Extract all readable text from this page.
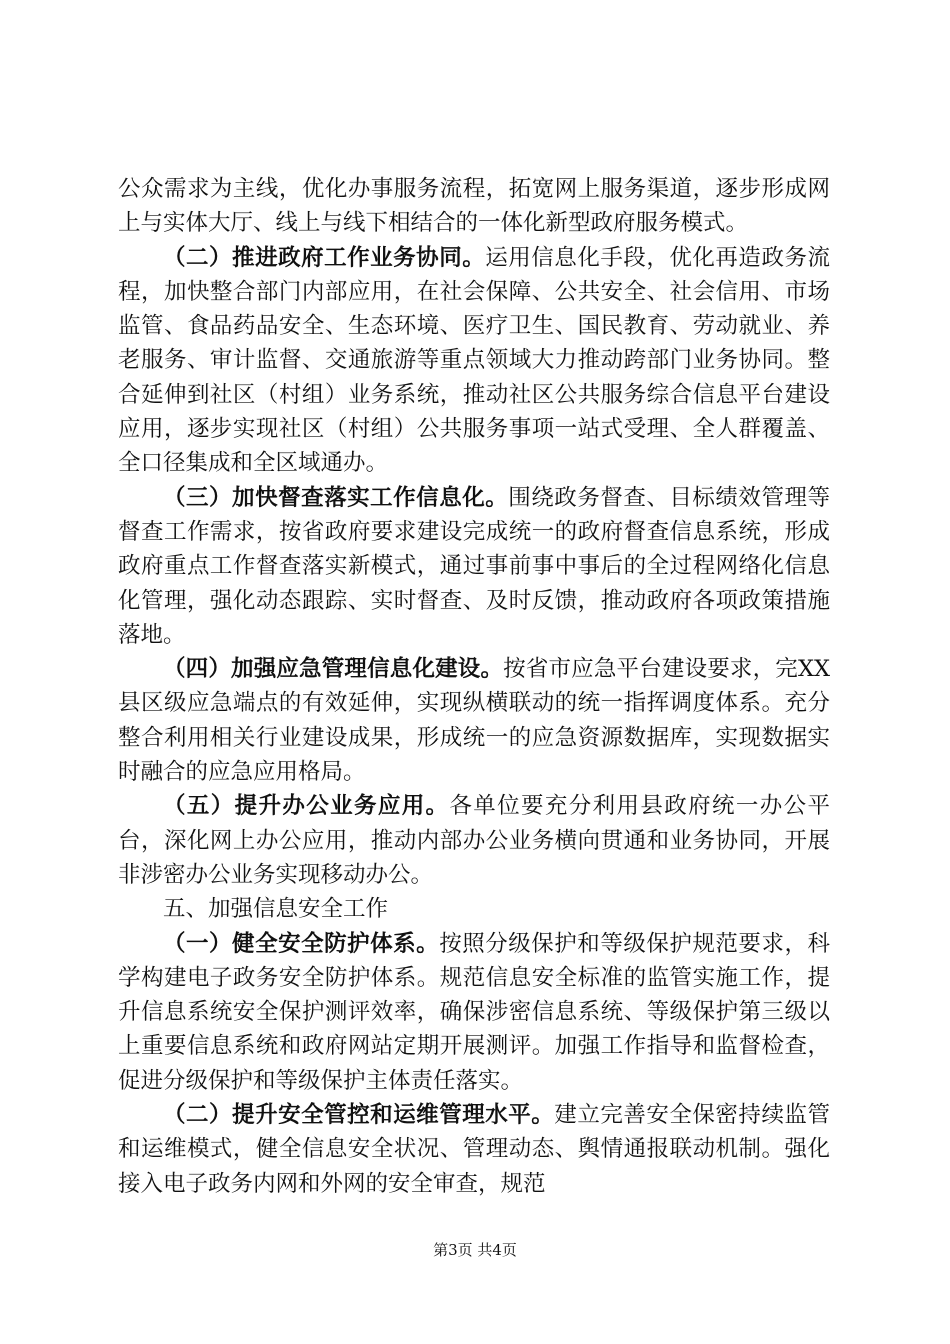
公众需求为主线，优化办事服务流程，拓宽网上服务渠道，逐步形成网上与实体大厅、线上与线下相结合的一体化新型政府服务模式。

（二）推进政府工作业务协同。运用信息化手段，优化再造政务流程，加快整合部门内部应用，在社会保障、公共安全、社会信用、市场监管、食品药品安全、生态环境、医疗卫生、国民教育、劳动就业、养老服务、审计监督、交通旅游等重点领域大力推动跨部门业务协同。整合延伸到社区（村组）业务系统，推动社区公共服务综合信息平台建设应用，逐步实现社区（村组）公共服务事项一站式受理、全人群覆盖、全口径集成和全区域通办。

（三）加快督查落实工作信息化。围绕政务督查、目标绩效管理等督查工作需求，按省政府要求建设完成统一的政府督查信息系统，形成政府重点工作督查落实新模式，通过事前事中事后的全过程网络化信息化管理，强化动态跟踪、实时督查、及时反馈，推动政府各项政策措施落地。

（四）加强应急管理信息化建设。按省市应急平台建设要求，完XX县区级应急端点的有效延伸，实现纵横联动的统一指挥调度体系。充分整合利用相关行业建设成果，形成统一的应急资源数据库，实现数据实时融合的应急应用格局。

（五）提升办公业务应用。各单位要充分利用县政府统一办公平台，深化网上办公应用，推动内部办公业务横向贯通和业务协同，开展非涉密办公业务实现移动办公。

五、加强信息安全工作

（一）健全安全防护体系。按照分级保护和等级保护规范要求，科学构建电子政务安全防护体系。规范信息安全标准的监管实施工作，提升信息系统安全保护测评效率，确保涉密信息系统、等级保护第三级以上重要信息系统和政府网站定期开展测评。加强工作指导和监督检查，促进分级保护和等级保护主体责任落实。

（二）提升安全管控和运维管理水平。建立完善安全保密持续监管和运维模式，健全信息安全状况、管理动态、舆情通报联动机制。强化接入电子政务内网和外网的安全审查，规范

第3页 共4页
